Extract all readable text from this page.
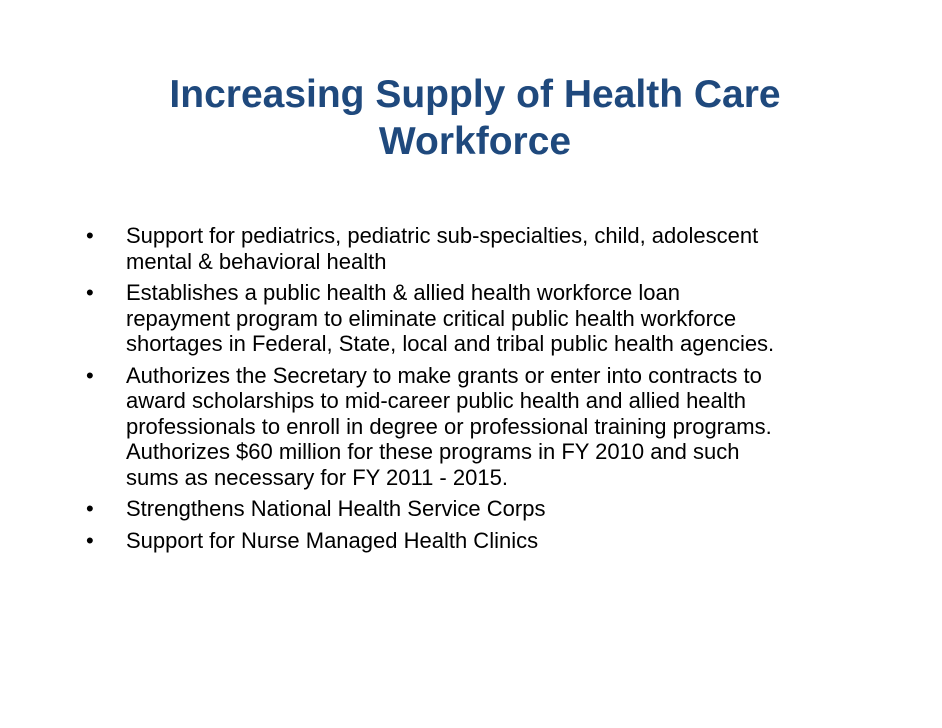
Increasing Supply of Health Care
Workforce
•	Support for pediatrics, pediatric sub-specialties, child, adolescent
mental & behavioral health
•	Establishes a public health & allied health workforce loan
repayment program to eliminate critical public health workforce
shortages in Federal, State, local and tribal public health agencies.
•	Authorizes the Secretary to make grants or enter into contracts to
award scholarships to mid-career public health and allied health
professionals to enroll in degree or professional training programs.
Authorizes $60 million for these programs in FY 2010 and such
sums as necessary for FY 2011 - 2015.
•	Strengthens National Health Service Corps
•	Support for Nurse Managed Health Clinics
